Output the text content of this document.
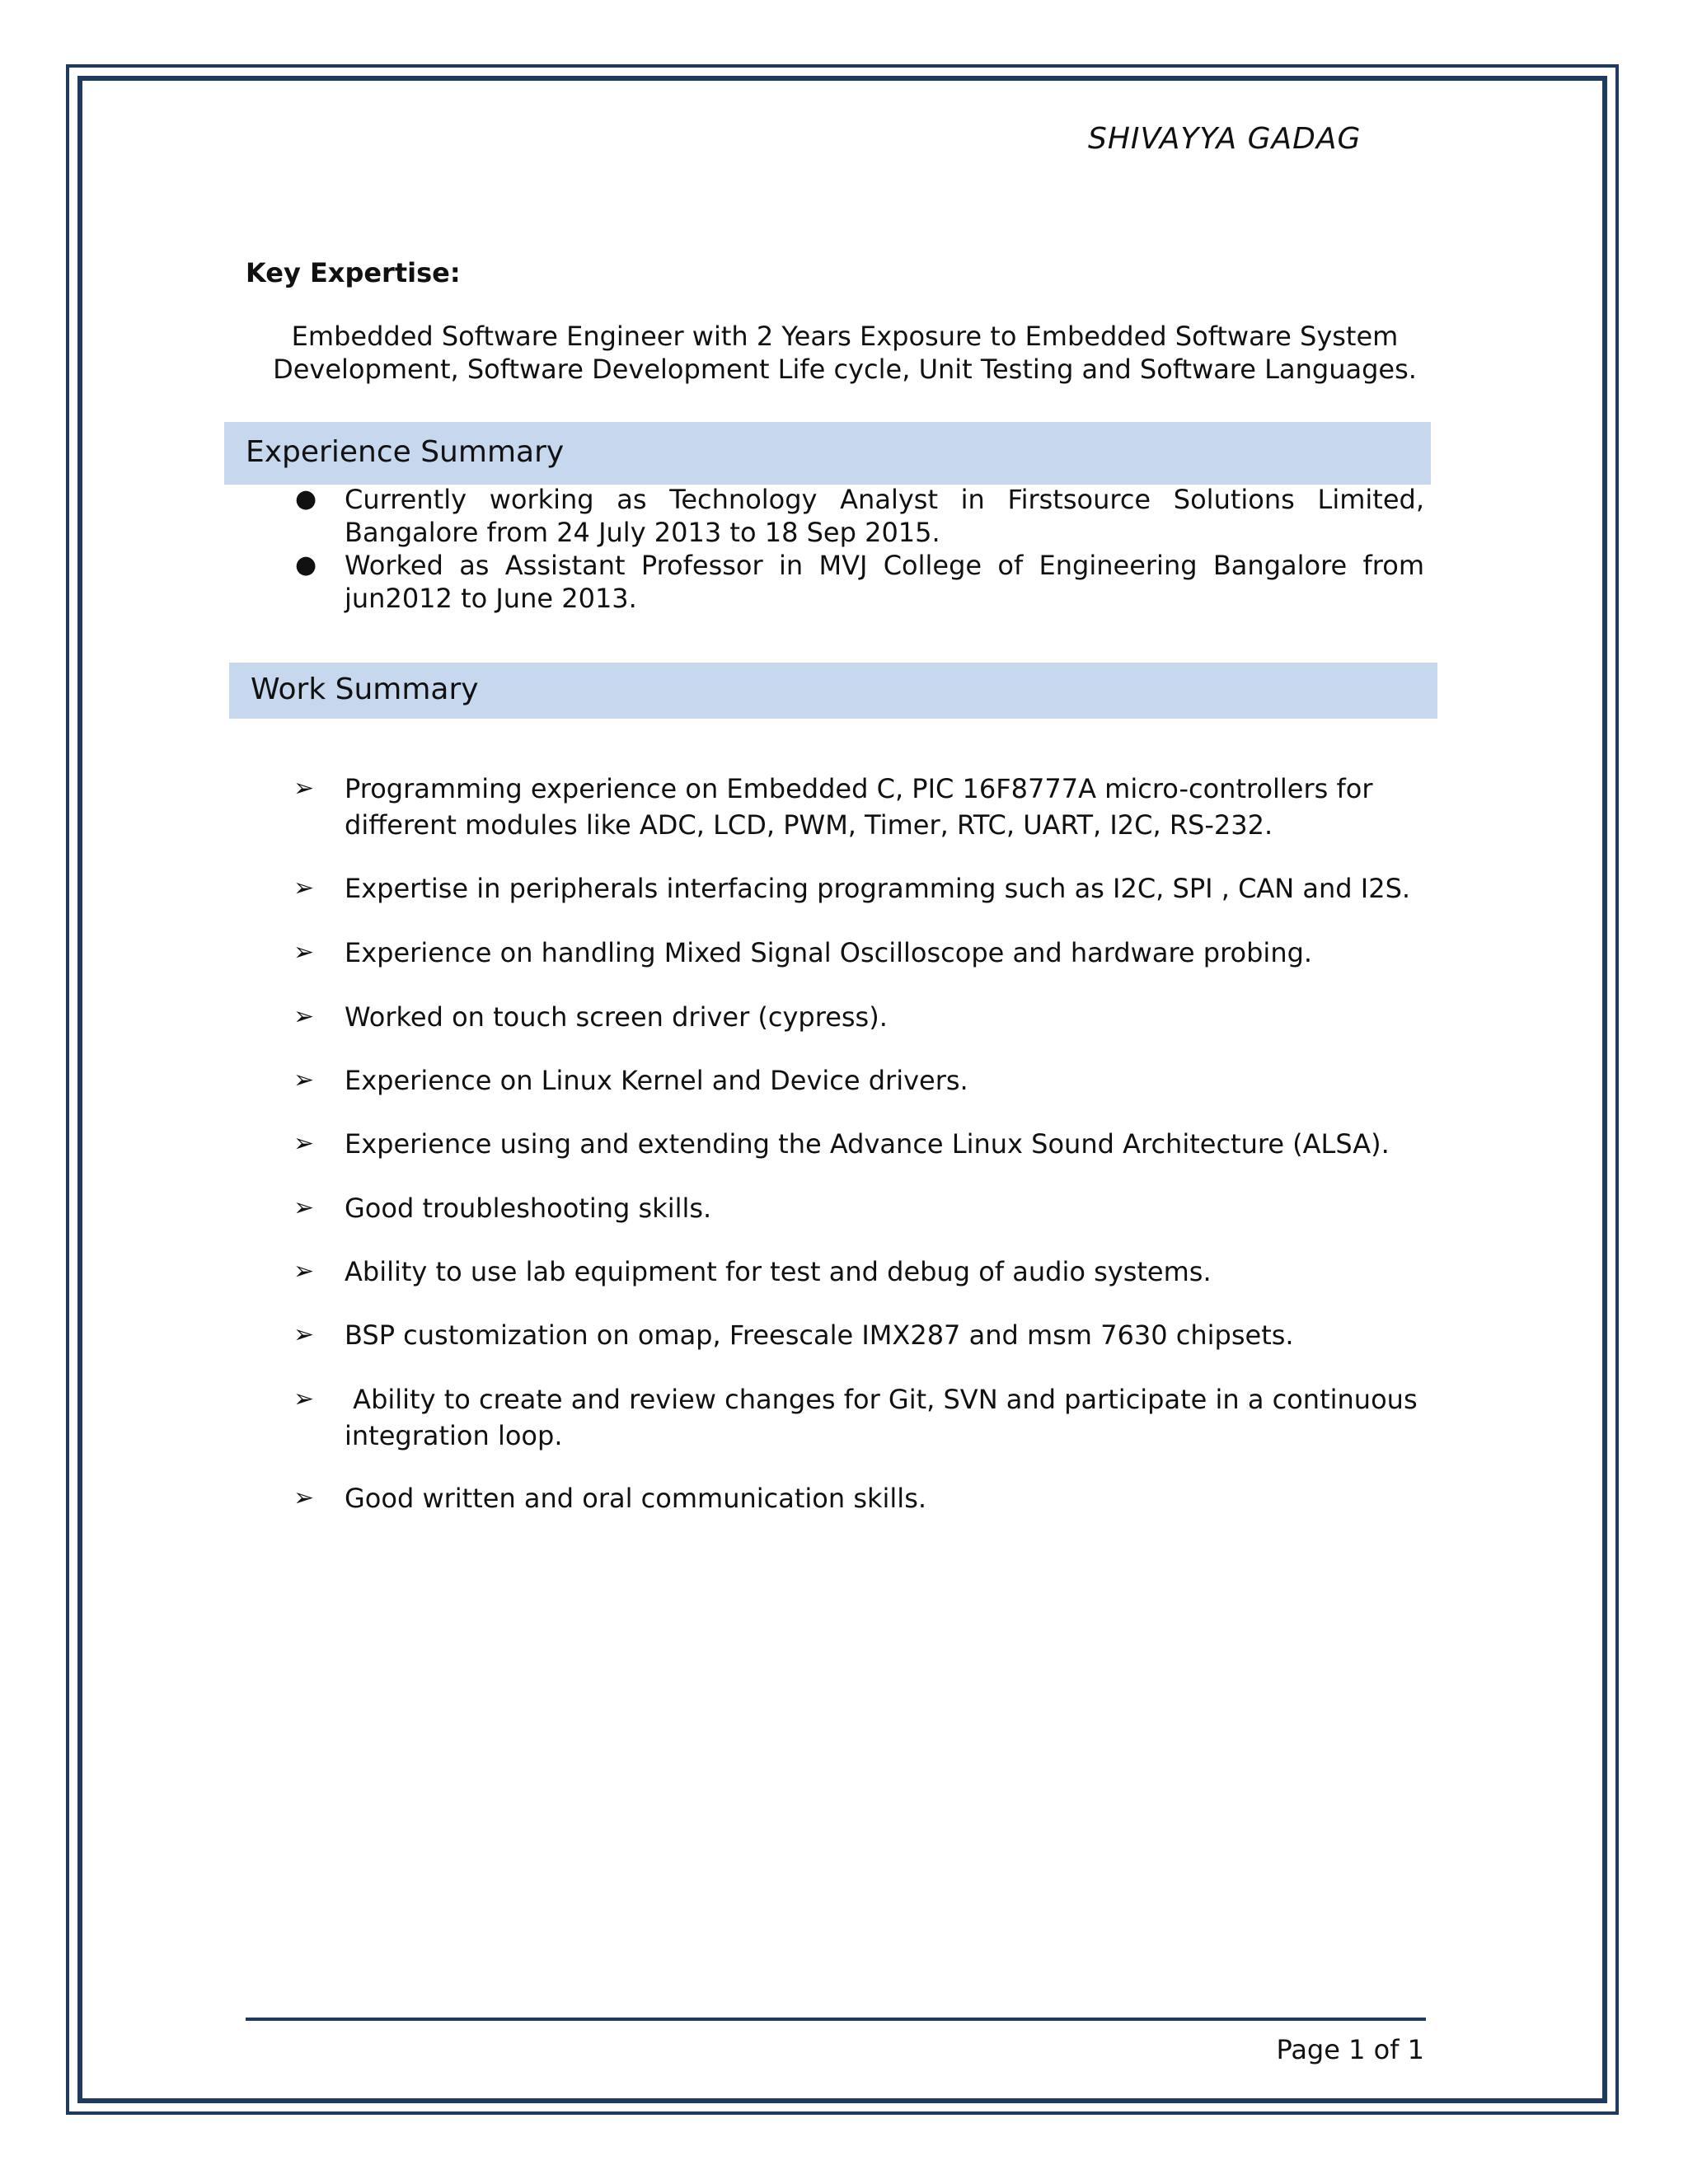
SHIVAYYA GADAG
Key Expertise:
Embedded Software Engineer with 2 Years Exposure to Embedded Software System Development, Software Development Life cycle, Unit Testing and Software Languages.
Experience Summary
● Currently working as Technology Analyst in Firstsource Solutions Limited, Bangalore from 24 July 2013 to 18 Sep 2015.
● Worked as Assistant Professor in MVJ College of Engineering Bangalore from jun2012 to June 2013.
Work Summary
➢ Programming experience on Embedded C, PIC 16F8777A micro-controllers for different modules like ADC, LCD, PWM, Timer, RTC, UART, I2C, RS-232.
➢ Expertise in peripherals interfacing programming such as I2C, SPI , CAN and I2S.
➢ Experience on handling Mixed Signal Oscilloscope and hardware probing.
➢ Worked on touch screen driver (cypress).
➢ Experience on Linux Kernel and Device drivers.
➢ Experience using and extending the Advance Linux Sound Architecture (ALSA).
➢ Good troubleshooting skills.
➢ Ability to use lab equipment for test and debug of audio systems.
➢ BSP customization on omap, Freescale IMX287 and msm 7630 chipsets.
➢ Ability to create and review changes for Git, SVN and participate in a continuous integration loop.
➢ Good written and oral communication skills.
Page 1 of 1
